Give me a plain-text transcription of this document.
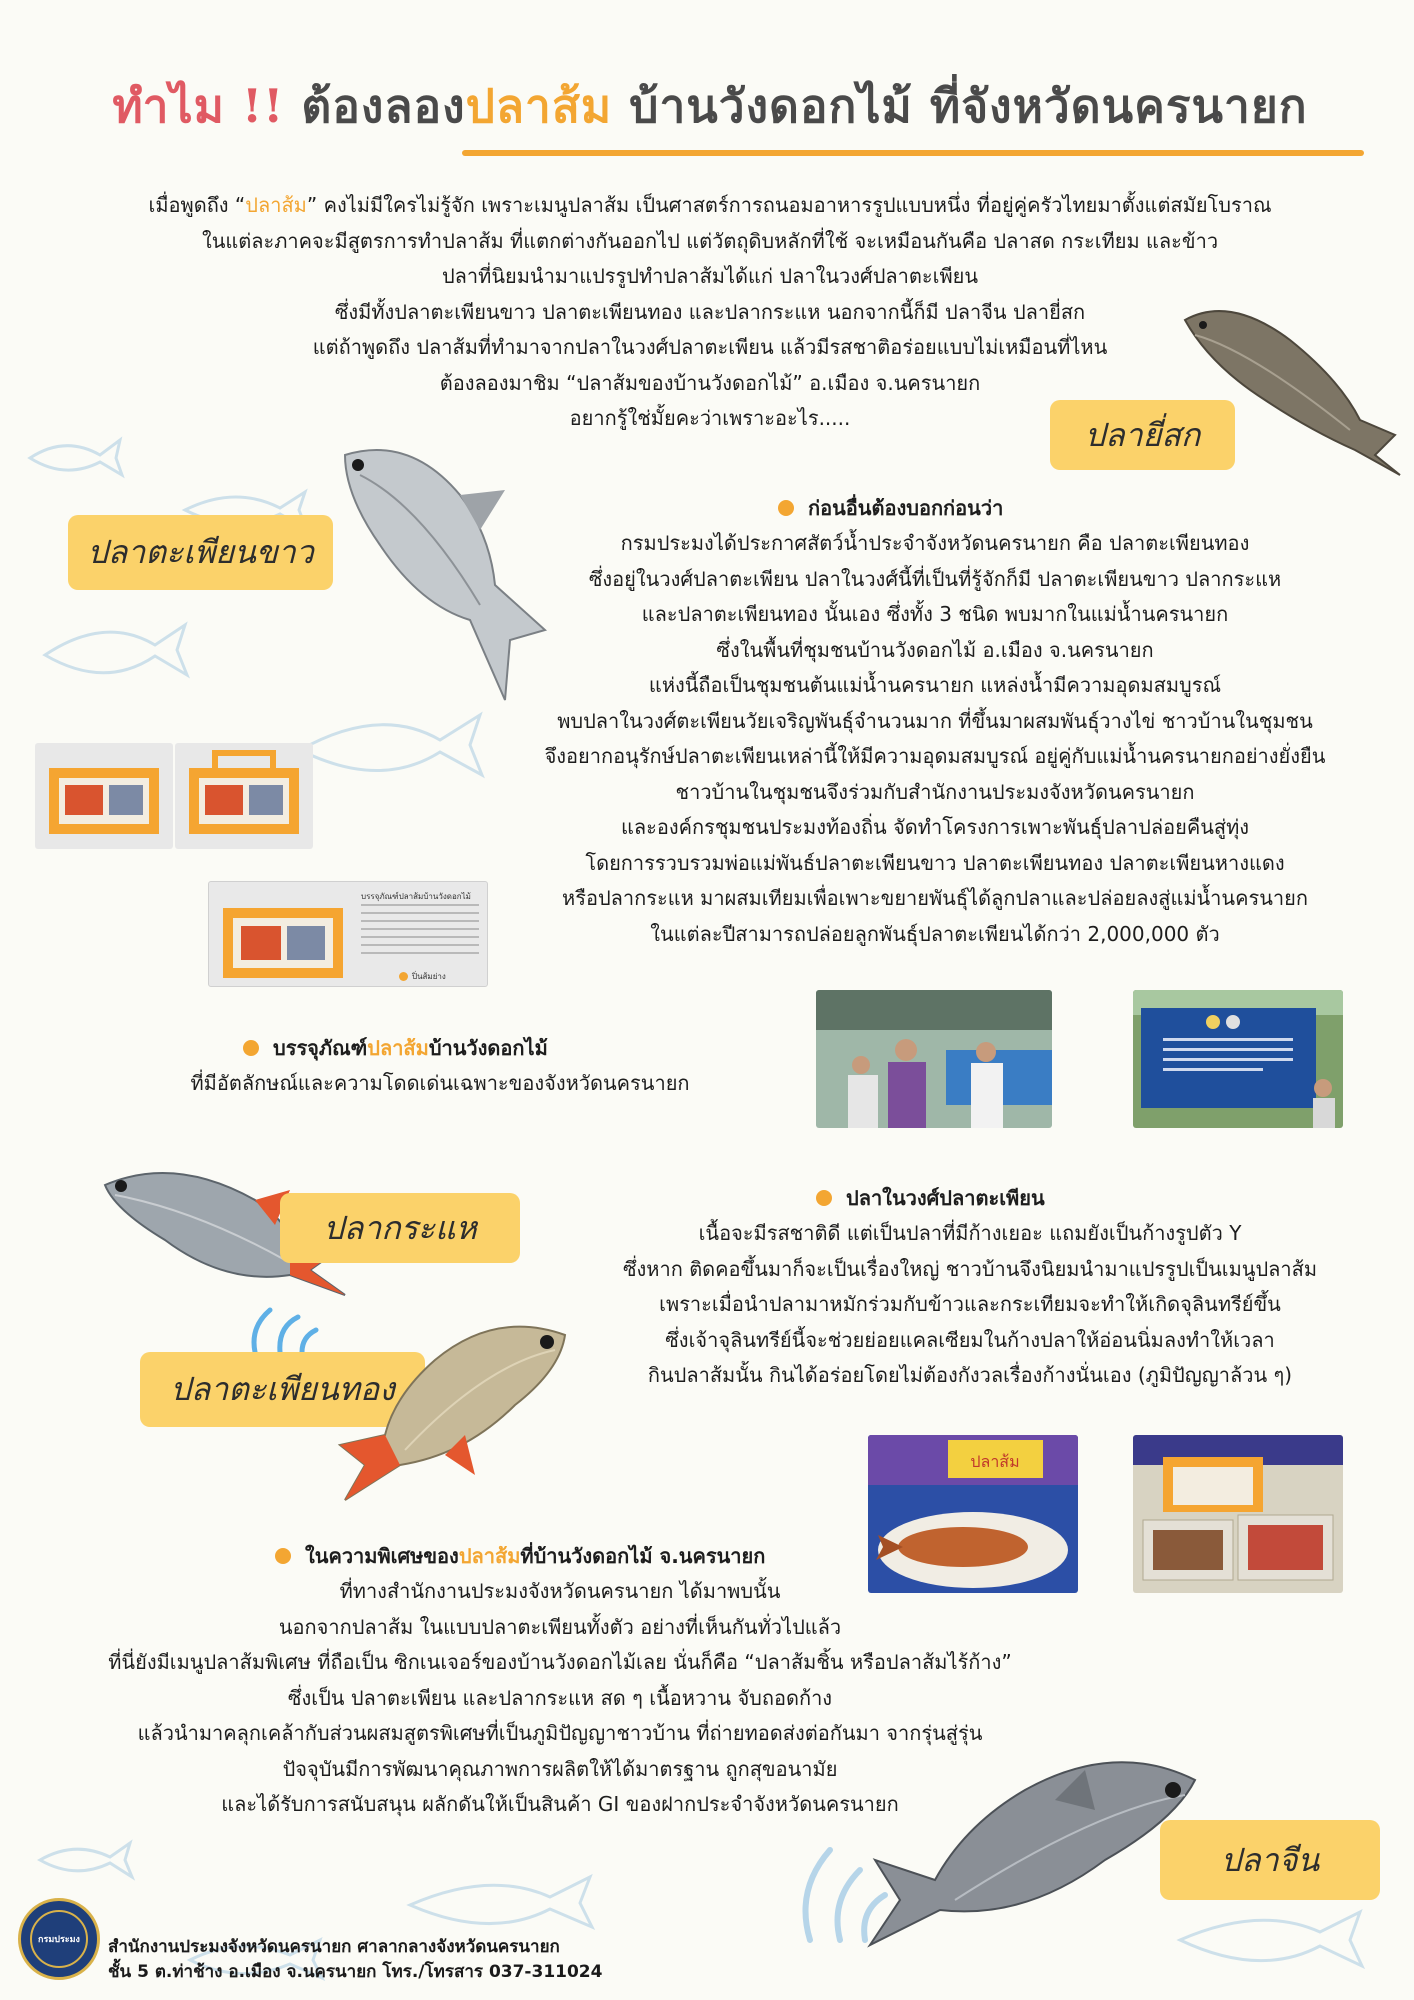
ทำไม !! ต้องลองปลาส้ม บ้านวังดอกไม้ ที่จังหวัดนครนายก
เมื่อพูดถึง “ปลาส้ม” คงไม่มีใครไม่รู้จัก เพราะเมนูปลาส้ม เป็นศาสตร์การถนอมอาหารรูปแบบหนึ่ง ที่อยู่คู่ครัวไทยมาตั้งแต่สมัยโบราณ
ในแต่ละภาคจะมีสูตรการทำปลาส้ม ที่แตกต่างกันออกไป แต่วัตถุดิบหลักที่ใช้ จะเหมือนกันคือ ปลาสด กระเทียม และข้าว
ปลาที่นิยมนำมาแปรรูปทำปลาส้มได้แก่ ปลาในวงศ์ปลาตะเพียน
ซึ่งมีทั้งปลาตะเพียนขาว ปลาตะเพียนทอง และปลากระแห นอกจากนี้ก็มี ปลาจีน ปลายี่สก
แต่ถ้าพูดถึง ปลาส้มที่ทำมาจากปลาในวงศ์ปลาตะเพียน แล้วมีรสชาติอร่อยแบบไม่เหมือนที่ไหน
ต้องลองมาชิม “ปลาส้มของบ้านวังดอกไม้” อ.เมือง จ.นครนายก
อยากรู้ใช่มั้ยคะว่าเพราะอะไร.....	ปลายี่สก
ปลาตะเพียนขาว
ก่อนอื่นต้องบอกก่อนว่า
กรมประมงได้ประกาศสัตว์น้ำประจำจังหวัดนครนายก คือ ปลาตะเพียนทอง
ซึ่งอยู่ในวงศ์ปลาตะเพียน ปลาในวงศ์นี้ที่เป็นที่รู้จักก็มี ปลาตะเพียนขาว ปลากระแห
และปลาตะเพียนทอง นั้นเอง ซึ่งทั้ง 3 ชนิด พบมากในแม่น้ำนครนายก
ซึ่งในพื้นที่ชุมชนบ้านวังดอกไม้ อ.เมือง จ.นครนายก
แห่งนี้ถือเป็นชุมชนต้นแม่น้ำนครนายก แหล่งน้ำมีความอุดมสมบูรณ์
พบปลาในวงศ์ตะเพียนวัยเจริญพันธุ์จำนวนมาก ที่ขึ้นมาผสมพันธุ์วางไข่ ชาวบ้านในชุมชน
จึงอยากอนุรักษ์ปลาตะเพียนเหล่านี้ให้มีความอุดมสมบูรณ์ อยู่คู่กับแม่น้ำนครนายกอย่างยั่งยืน
ชาวบ้านในชุมชนจึงร่วมกับสำนักงานประมงจังหวัดนครนายก
และองค์กรชุมชนประมงท้องถิ่น จัดทำโครงการเพาะพันธุ์ปลาปล่อยคืนสู่ทุ่ง
โดยการรวบรวมพ่อแม่พันธ์ปลาตะเพียนขาว ปลาตะเพียนทอง ปลาตะเพียนหางแดง
หรือปลากระแห มาผสมเทียมเพื่อเพาะขยายพันธุ์ได้ลูกปลาและปล่อยลงสู่แม่น้ำนครนายก
ในแต่ละปีสามารถปล่อยลูกพันธุ์ปลาตะเพียนได้กว่า 2,000,000 ตัว
บรรจุภัณฑ์ปลาส้มบ้านวังดอกไม้
ปิ่นส้มย่าง
บรรจุภัณฑ์ปลาส้มบ้านวังดอกไม้
ที่มีอัตลักษณ์และความโดดเด่นเฉพาะของจังหวัดนครนายก
ปลากระแห
ปลาตะเพียนทอง
ปลาในวงศ์ปลาตะเพียน
เนื้อจะมีรสชาติดี แต่เป็นปลาที่มีก้างเยอะ แถมยังเป็นก้างรูปตัว Y
ซึ่งหาก ติดคอขึ้นมาก็จะเป็นเรื่องใหญ่ ชาวบ้านจึงนิยมนำมาแปรรูปเป็นเมนูปลาส้ม
เพราะเมื่อนำปลามาหมักร่วมกับข้าวและกระเทียมจะทำให้เกิดจุลินทรีย์ขึ้น
ซึ่งเจ้าจุลินทรีย์นี้จะช่วยย่อยแคลเซียมในก้างปลาให้อ่อนนิ่มลงทำให้เวลา
กินปลาส้มนั้น กินได้อร่อยโดยไม่ต้องกังวลเรื่องก้างนั่นเอง (ภูมิปัญญาล้วน ๆ)
ปลาส้ม
ในความพิเศษของปลาส้มที่บ้านวังดอกไม้ จ.นครนายก
ที่ทางสำนักงานประมงจังหวัดนครนายก ได้มาพบนั้น
นอกจากปลาส้ม ในแบบปลาตะเพียนทั้งตัว อย่างที่เห็นกันทั่วไปแล้ว
ที่นี่ยังมีเมนูปลาส้มพิเศษ ที่ถือเป็น ซิกเนเจอร์ของบ้านวังดอกไม้เลย นั่นก็คือ “ปลาส้มชิ้น หรือปลาส้มไร้ก้าง”
ซึ่งเป็น ปลาตะเพียน และปลากระแห สด ๆ เนื้อหวาน จับถอดก้าง
แล้วนำมาคลุกเคล้ากับส่วนผสมสูตรพิเศษที่เป็นภูมิปัญญาชาวบ้าน ที่ถ่ายทอดส่งต่อกันมา จากรุ่นสู่รุ่น
ปัจจุบันมีการพัฒนาคุณภาพการผลิตให้ได้มาตรฐาน ถูกสุขอนามัย
และได้รับการสนับสนุน ผลักดันให้เป็นสินค้า GI ของฝากประจำจังหวัดนครนายก
ปลาจีน
กรมประมง สำนักงานประมงจังหวัดนครนายก ศาลากลางจังหวัดนครนายก
ชั้น 5 ต.ท่าช้าง อ.เมือง จ.นครนายก โทร./โทรสาร 037-311024
